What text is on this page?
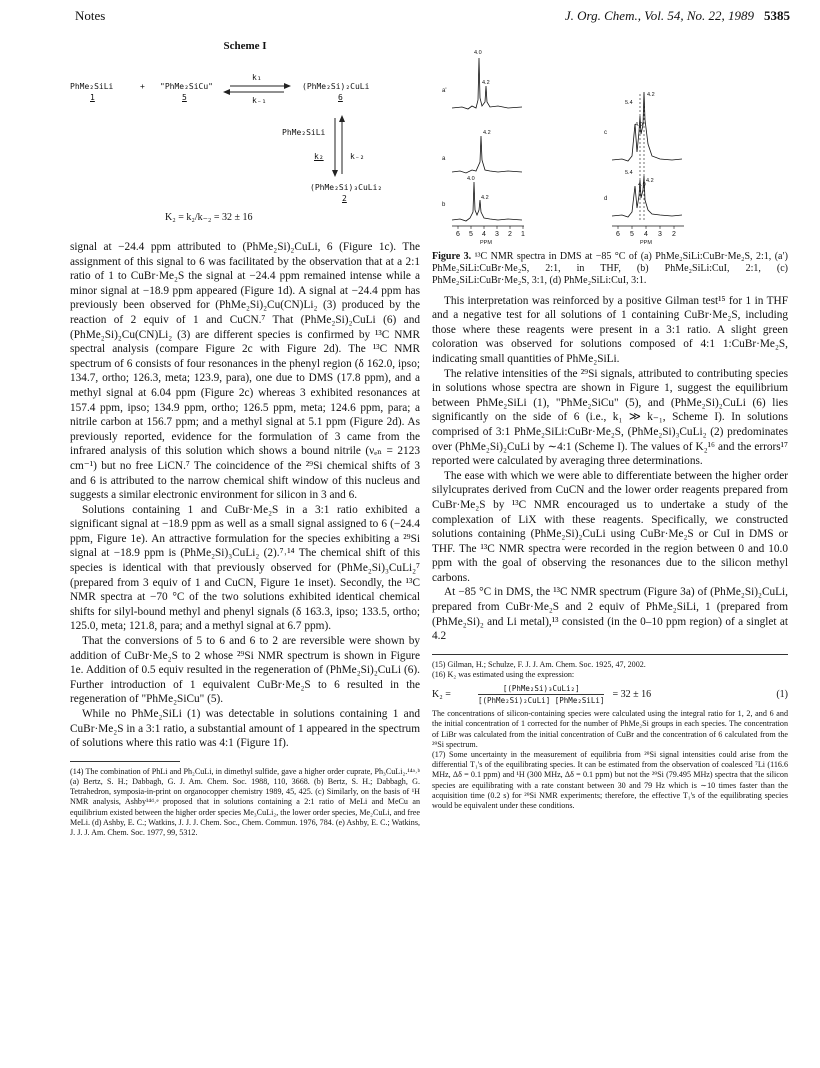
Notes	J. Org. Chem., Vol. 54, No. 22, 1989 5385
Scheme I
PhMe₂SiLi
1
+ "PhMe₂SiCu"
5
k₁
k₋₁
(PhMe₂Si)₂CuLi
6
PhMe₂SiLi
k₂	k₋₂
(PhMe₂Si)₃CuLi₂
2
K₂ = k₂/k₋₂ = 32 ± 16

signal at −24.4 ppm attributed to (PhMe₂Si)₂CuLi, 6 (Figure 1c). The assignment of this signal to 6 was facilitated by the observation that at a 2:1 ratio of 1 to CuBr·Me₂S the signal at −24.4 ppm remained intense while a minor signal at −18.9 ppm appeared (Figure 1d). A signal at −24.4 ppm has previously been observed for (PhMe₂Si)₂Cu(CN)Li₂ (3) produced by the reaction of 2 equiv of 1 and CuCN.⁷ That (PhMe₂Si)₂CuLi (6) and (PhMe₂Si)₂Cu(CN)Li₂ (3) are different species is confirmed by ¹³C NMR spectral analysis (compare Figure 2c with Figure 2d). The ¹³C NMR spectrum of 6 consists of four resonances in the phenyl region (δ 162.0, ipso; 134.7, ortho; 126.3, meta; 123.9, para), one due to DMS (17.8 ppm), and a methyl signal at 6.04 ppm (Figure 2c) whereas 3 exhibited resonances at 157.4 ppm, ipso; 134.9 ppm, ortho; 126.5 ppm, meta; 124.6 ppm, para; a nitrile carbon at 156.7 ppm; and a methyl signal at 5.1 ppm (Figure 2d). As previously reported, evidence for the formulation of 3 came from the infrared analysis of this solution which shows a bound nitrile (νₑₙ = 2123 cm⁻¹) but no free LiCN.⁷ The coincidence of the ²⁹Si chemical shifts of 3 and 6 is attributed to the narrow chemical shift window of this nucleus and suggests a similar electronic environment for silicon in 3 and 6.

Solutions containing 1 and CuBr·Me₂S in a 3:1 ratio exhibited a significant signal at −18.9 ppm as well as a small signal assigned to 6 (−24.4 ppm, Figure 1e). An attractive formulation for the species exhibiting a ²⁹Si signal at −18.9 ppm is (PhMe₂Si)₃CuLi₂ (2).⁷˒¹⁴ The chemical shift of this species is identical with that previously observed for (PhMe₂Si)₃CuLi₂⁷ (prepared from 3 equiv of 1 and CuCN, Figure 1e inset). Secondly, the ¹³C NMR spectra at −70 °C of the two solutions exhibited identical chemical shifts for silyl-bound methyl and phenyl signals (δ 163.3, ipso; 133.5, ortho; 125.0, meta; 121.8, para; and a methyl signal at 6.7 ppm).

That the conversions of 5 to 6 and 6 to 2 are reversible were shown by addition of CuBr·Me₂S to 2 whose ²⁹Si NMR spectrum is shown in Figure 1e. Addition of 0.5 equiv resulted in the regeneration of (PhMe₂Si)₂CuLi (6). Further introduction of 1 equivalent CuBr·Me₂S to 6 resulted in the regeneration of "PhMe₂SiCu" (5).

While no PhMe₂SiLi (1) was detectable in solutions containing 1 and CuBr·Me₂S in a 3:1 ratio, a substantial amount of 1 appeared in the spectrum of solutions where this ratio was 4:1 (Figure 1f).

(14) The combination of PhLi and Ph₂CuLi, in dimethyl sulfide, gave a higher order cuprate, Ph₃CuLi₂.¹⁴ᵃ˒ᵇ (a) Bertz, S. H.; Dabbagh, G. J. Am. Chem. Soc. 1988, 110, 3668. (b) Bertz, S. H.; Dabbagh, G. Tetrahedron, symposia-in-print on organocopper chemistry 1989, 45, 425. (c) Similarly, on the basis of ¹H NMR analysis, Ashby¹⁴ᵈ˒ᵉ proposed that in solutions containing a 2:1 ratio of MeLi and MeCu an equilibrium existed between the higher order species Me₃CuLi₂, the lower order species, Me₂CuLi, and free MeLi. (d) Ashby, E. C.; Watkins, J. J. J. Chem. Soc., Chem. Commun. 1976, 784. (e) Ashby, E. C.; Watkins, J. J. J. Am. Chem. Soc. 1977, 99, 5312.

a'
a
b
c
d
4.0
4.2
4.2
4.0
4.2
5.4
4.2
4.0
5.4
4.0
4.2
6 5 4 3 2 1	6 5 4 3 2
PPM	PPM

Figure 3. ¹³C NMR spectra in DMS at −85 °C of (a) PhMe₂SiLi:CuBr·Me₂S, 2:1, (a′) PhMe₂SiLi:CuBr·Me₂S, 2:1, in THF, (b) PhMe₂SiLi:CuI, 2:1, (c) PhMe₂SiLi:CuBr·Me₂S, 3:1, (d) PhMe₂SiLi:CuI, 3:1.

This interpretation was reinforced by a positive Gilman test¹⁵ for 1 in THF and a negative test for all solutions of 1 containing CuBr·Me₂S, including those where these reagents were present in a 3:1 ratio. A slight green coloration was observed for solutions composed of 4:1 1:CuBr·Me₂S, indicating small quantities of PhMe₂SiLi.

The relative intensities of the ²⁹Si signals, attributed to contributing species in solutions whose spectra are shown in Figure 1, suggest the equilibrium between PhMe₂SiLi (1), "PhMe₂SiCu" (5), and (PhMe₂Si)₂CuLi (6) lies significantly on the side of 6 (i.e., k₁ ≫ k₋₁, Scheme I). In solutions comprised of 3:1 PhMe₂SiLi:CuBr·Me₂S, (PhMe₂Si)₃CuLi₂ (2) predominates over (PhMe₂Si)₂CuLi by ∼4:1 (Scheme I). The values of K₂¹⁶ and the errors¹⁷ reported were calculated by averaging three determinations.

The ease with which we were able to differentiate between the higher order silylcuprates derived from CuCN and the lower order reagents prepared from CuBr·Me₂S by ¹³C NMR encouraged us to undertake a study of the complexation of LiX with these reagents. Specifically, we constructed solutions containing (PhMe₂Si)₂CuLi using CuBr·Me₂S or CuI in DMS or THF. The ¹³C NMR spectra were recorded in the region between 0 and 10.0 ppm with the goal of observing the resonances due to the silicon methyl carbons.

At −85 °C in DMS, the ¹³C NMR spectrum (Figure 3a) of (PhMe₂Si)₂CuLi, prepared from CuBr·Me₂S and 2 equiv of PhMe₂SiLi, 1 (prepared from (PhMe₂Si)₂ and Li metal),¹³ consisted (in the 0–10 ppm region) of a singlet at 4.2

(15) Gilman, H.; Schulze, F. J. J. Am. Chem. Soc. 1925, 47, 2002.

(16) K₂ was estimated using the expression:

K₂ =	$\frac{\text{[(PhMe₂Si)₃CuLi₂]}}{\text{[(PhMe₂Si)₂CuLi] [PhMe₂SiLi]}} = 32 \pm 16$	(1)

The concentrations of silicon-containing species were calculated using the integral ratio for 1, 2, and 6 and the initial concentration of 1 corrected for the number of PhMe₂Si groups in each species. The concentration of LiBr was calculated from the initial concentration of CuBr and the concentration of 6 calculated from the ²⁹Si spectrum.

(17) Some uncertainty in the measurement of equilibria from ²⁹Si signal intensities could arise from the differential T₁'s of the equilibrating species. It can be estimated from the observation of coalesced ⁷Li (116.6 MHz, Δδ = 0.1 ppm) and ¹H (300 MHz, Δδ = 0.1 ppm) but not the ²⁹Si (79.495 MHz) spectra that the silicon species are equilibrating with a rate constant between 30 and 79 Hz which is ∼10 times faster than the acquisition time (0.2 s) for ²⁹Si NMR experiments; therefore, the effective T₁'s of the equilibrating species would be equivalent under these conditions.
